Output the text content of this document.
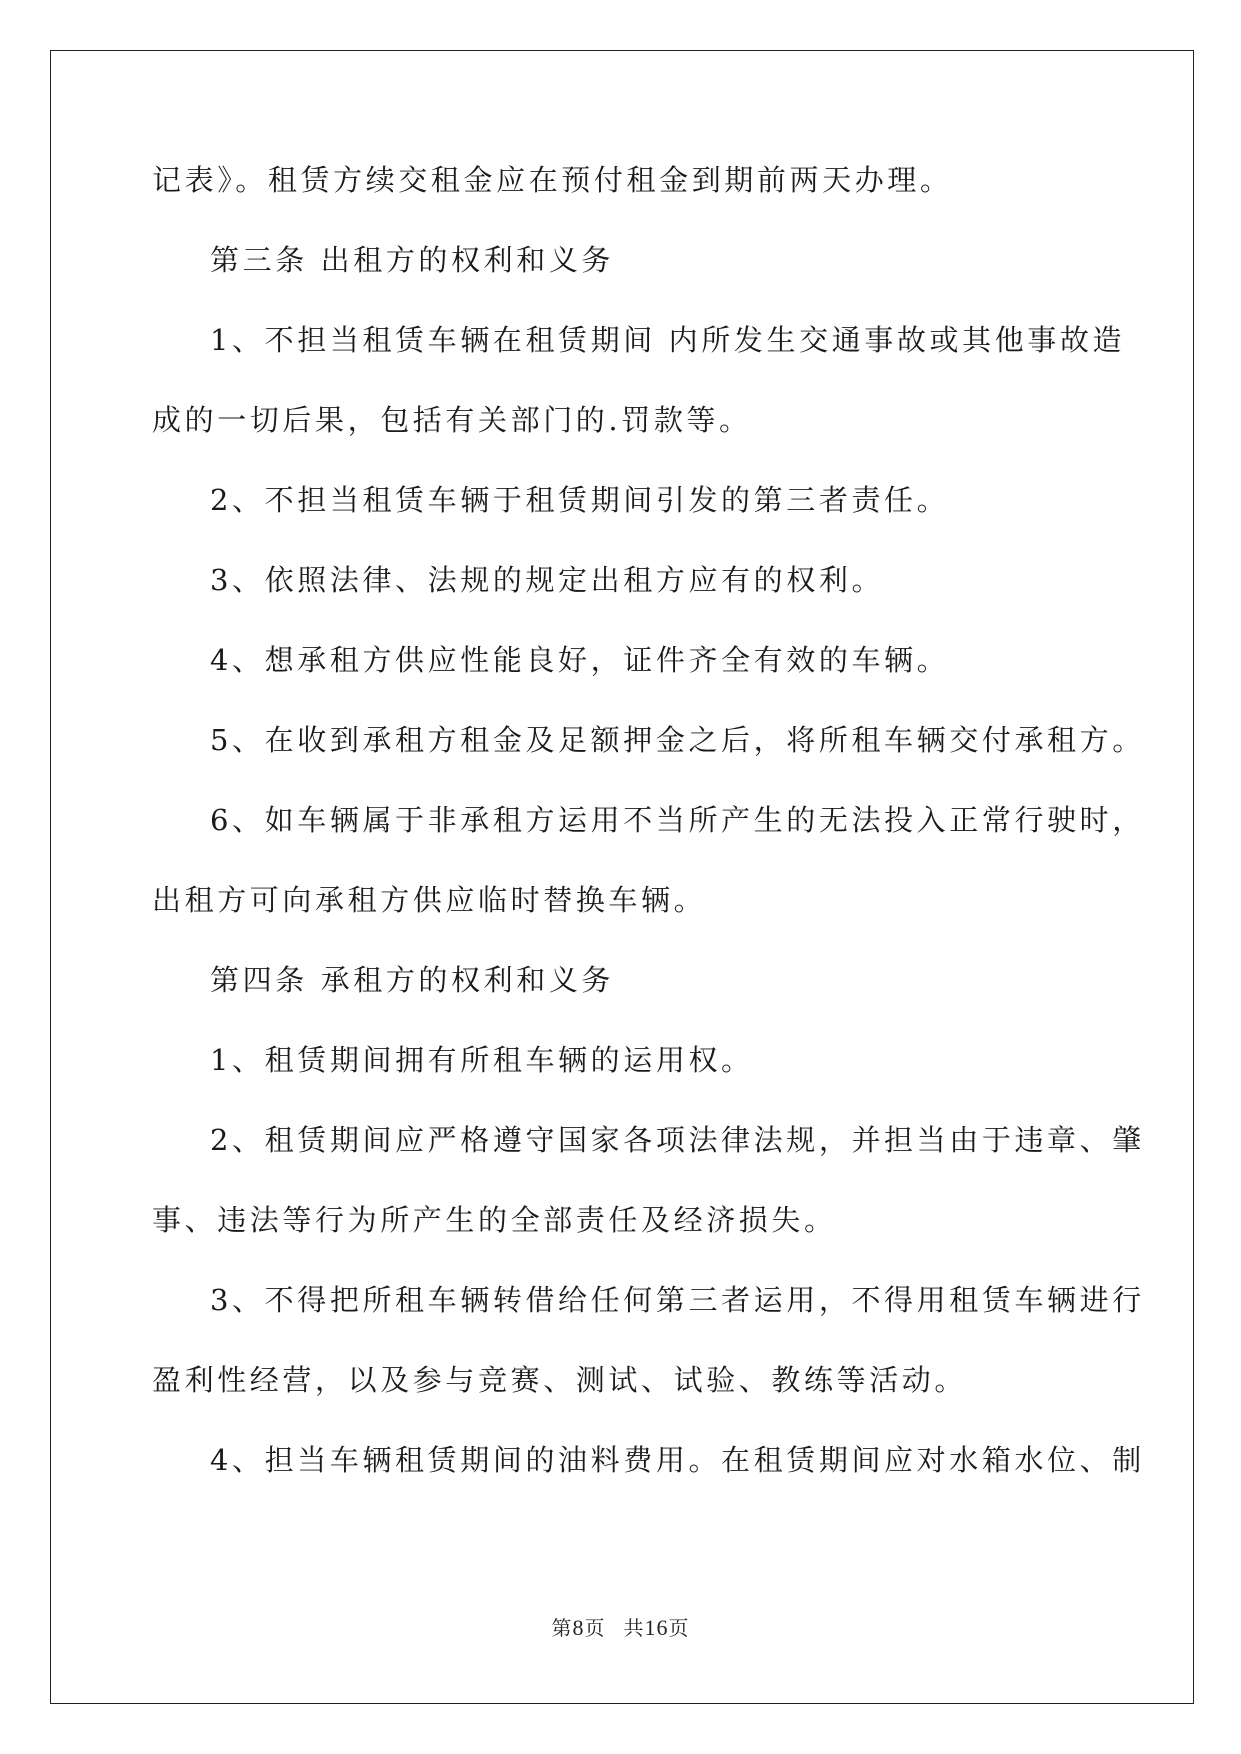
记表》。租赁方续交租金应在预付租金到期前两天办理。
第三条 出租方的权利和义务
1、不担当租赁车辆在租赁期间 内所发生交通事故或其他事故造
成的一切后果，包括有关部门的.罚款等。
2、不担当租赁车辆于租赁期间引发的第三者责任。
3、依照法律、法规的规定出租方应有的权利。
4、想承租方供应性能良好，证件齐全有效的车辆。
5、在收到承租方租金及足额押金之后，将所租车辆交付承租方。
6、如车辆属于非承租方运用不当所产生的无法投入正常行驶时，
出租方可向承租方供应临时替换车辆。
第四条 承租方的权利和义务
1、租赁期间拥有所租车辆的运用权。
2、租赁期间应严格遵守国家各项法律法规，并担当由于违章、肇
事、违法等行为所产生的全部责任及经济损失。
3、不得把所租车辆转借给任何第三者运用，不得用租赁车辆进行
盈利性经营，以及参与竞赛、测试、试验、教练等活动。
4、担当车辆租赁期间的油料费用。在租赁期间应对水箱水位、制
第8页 共16页
